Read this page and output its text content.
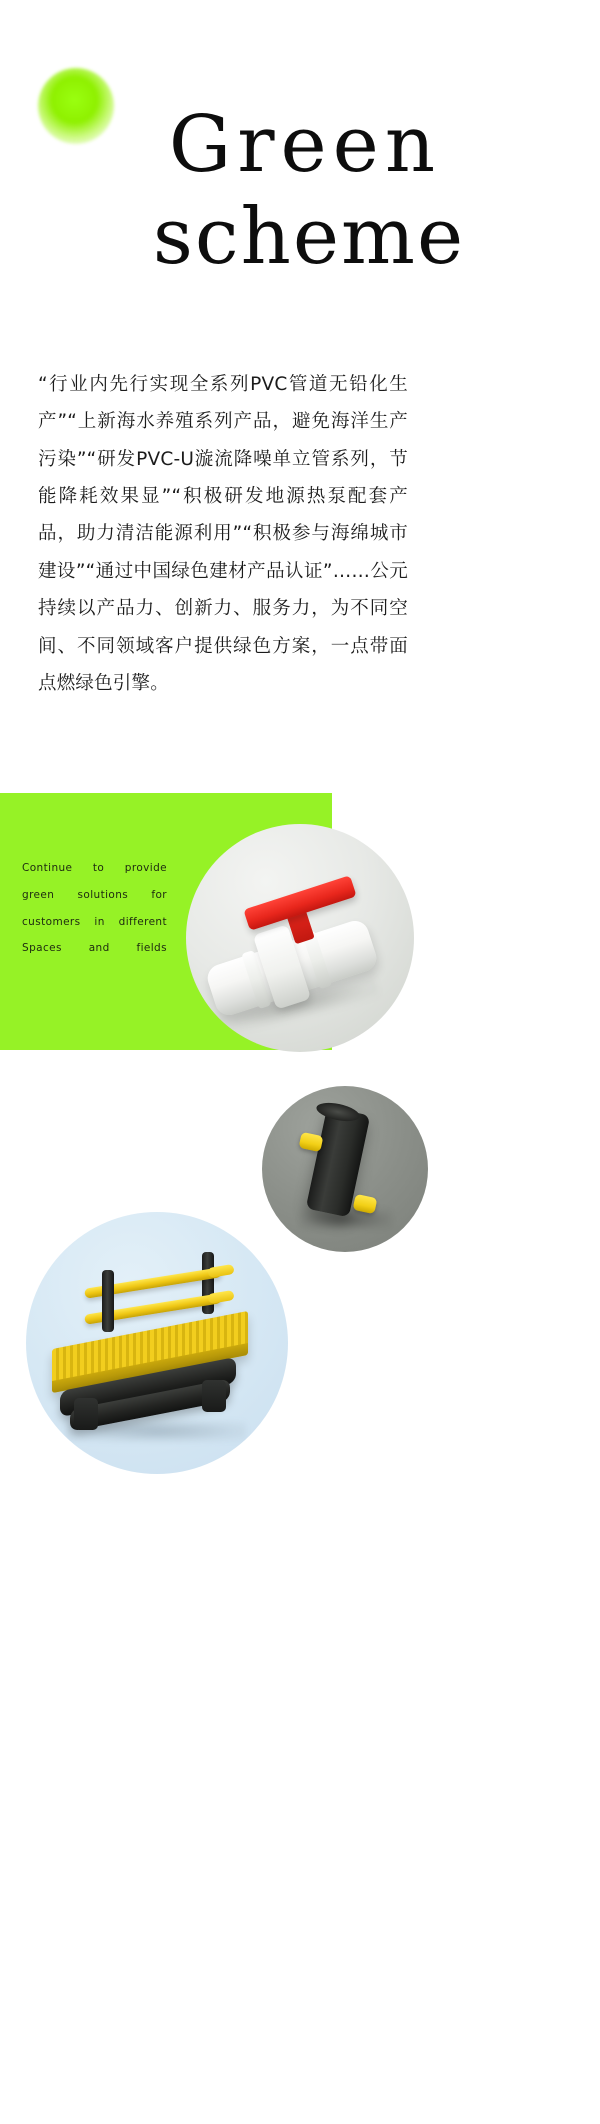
Green
scheme
“行业内先行实现全系列PVC管道无铅化生产”“上新海水养殖系列产品，避免海洋生产污染”“研发PVC-U漩流降噪单立管系列，节能降耗效果显”“积极研发地源热泵配套产品，助力清洁能源利用”“积极参与海绵城市建设”“通过中国绿色建材产品认证”……公元持续以产品力、创新力、服务力，为不同空间、不同领域客户提供绿色方案，一点带面点燃绿色引擎。
Continue to provide green solutions for customers in different Spaces and fields
